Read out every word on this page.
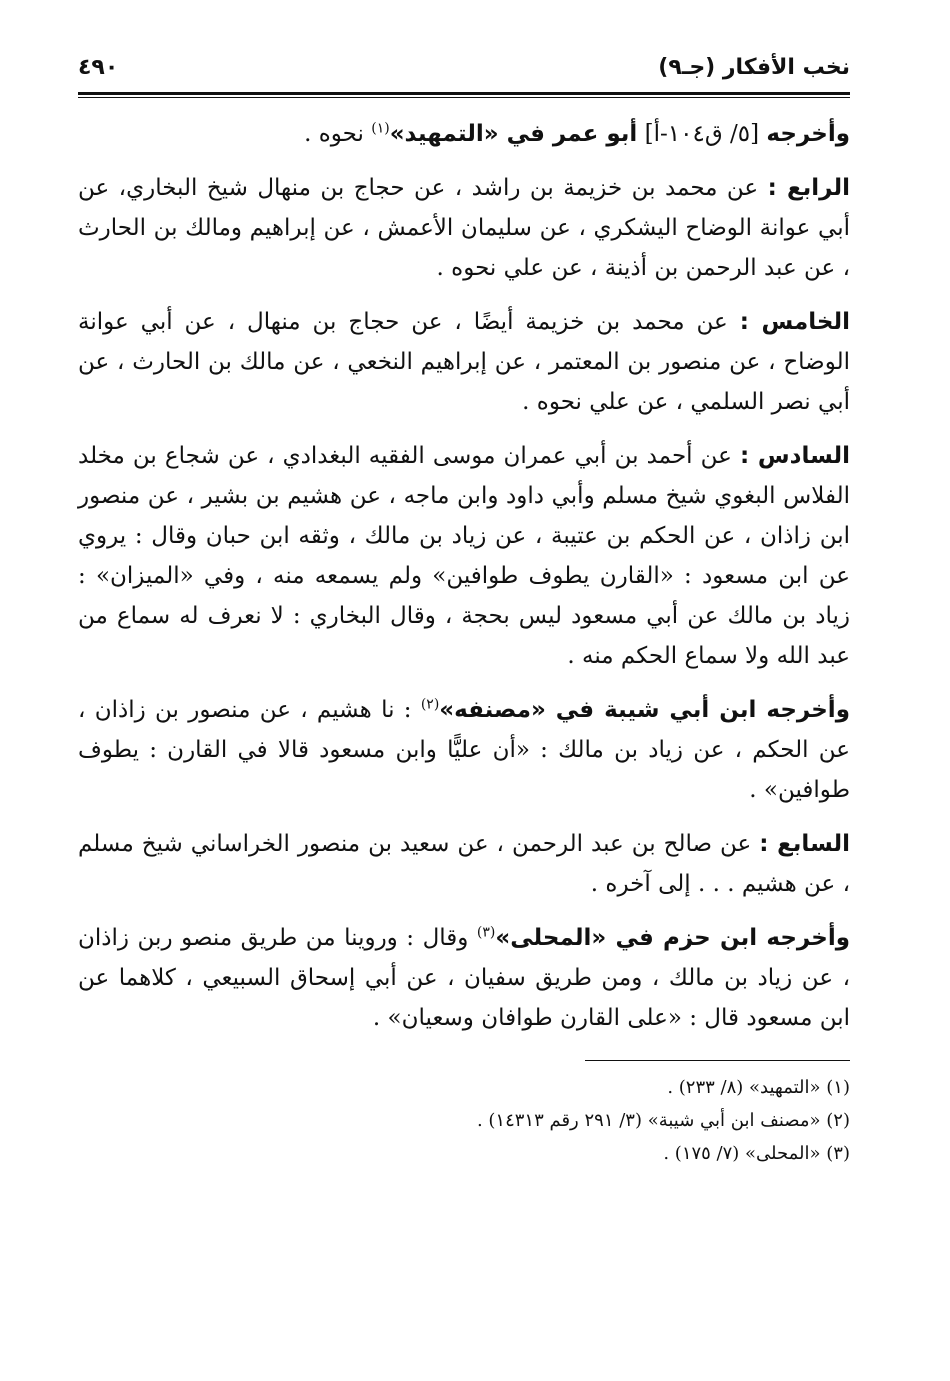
نخب الأفكار (جـ٩)
٤٩٠

وأخرجه [٥/ ق١٠٤-أ] أبو عمر في «التمهيد»$^{(١)}$ نحوه .

الرابع : عن محمد بن خزيمة بن راشد ، عن حجاج بن منهال شيخ البخاري، عن أبي عوانة الوضاح اليشكري ، عن سليمان الأعمش ، عن إبراهيم ومالك بن الحارث ، عن عبد الرحمن بن أذينة ، عن علي نحوه .

الخامس : عن محمد بن خزيمة أيضًا ، عن حجاج بن منهال ، عن أبي عوانة الوضاح ، عن منصور بن المعتمر ، عن إبراهيم النخعي ، عن مالك بن الحارث ، عن أبي نصر السلمي ، عن علي نحوه .

السادس : عن أحمد بن أبي عمران موسى الفقيه البغدادي ، عن شجاع بن مخلد الفلاس البغوي شيخ مسلم وأبي داود وابن ماجه ، عن هشيم بن بشير ، عن منصور ابن زاذان ، عن الحكم بن عتيبة ، عن زياد بن مالك ، وثقه ابن حبان وقال : يروي عن ابن مسعود : «القارن يطوف طوافين» ولم يسمعه منه ، وفي «الميزان» : زياد بن مالك عن أبي مسعود ليس بحجة ، وقال البخاري : لا نعرف له سماع من عبد الله ولا سماع الحكم منه .

وأخرجه ابن أبي شيبة في «مصنفه»$^{(٢)}$ : نا هشيم ، عن منصور بن زاذان ، عن الحكم ، عن زياد بن مالك : «أن عليًّا وابن مسعود قالا في القارن : يطوف طوافين» .

السابع : عن صالح بن عبد الرحمن ، عن سعيد بن منصور الخراساني شيخ مسلم ، عن هشيم . . . إلى آخره .

وأخرجه ابن حزم في «المحلى»$^{(٣)}$ وقال : وروينا من طريق منصو ربن زاذان ، عن زياد بن مالك ، ومن طريق سفيان ، عن أبي إسحاق السبيعي ، كلاهما عن ابن مسعود قال : «على القارن طوافان وسعيان» .

(١) «التمهيد» (٨/ ٢٣٣) .

(٢) «مصنف ابن أبي شيبة» (٣/ ٢٩١ رقم ١٤٣١٣) .

(٣) «المحلى» (٧/ ١٧٥) .
